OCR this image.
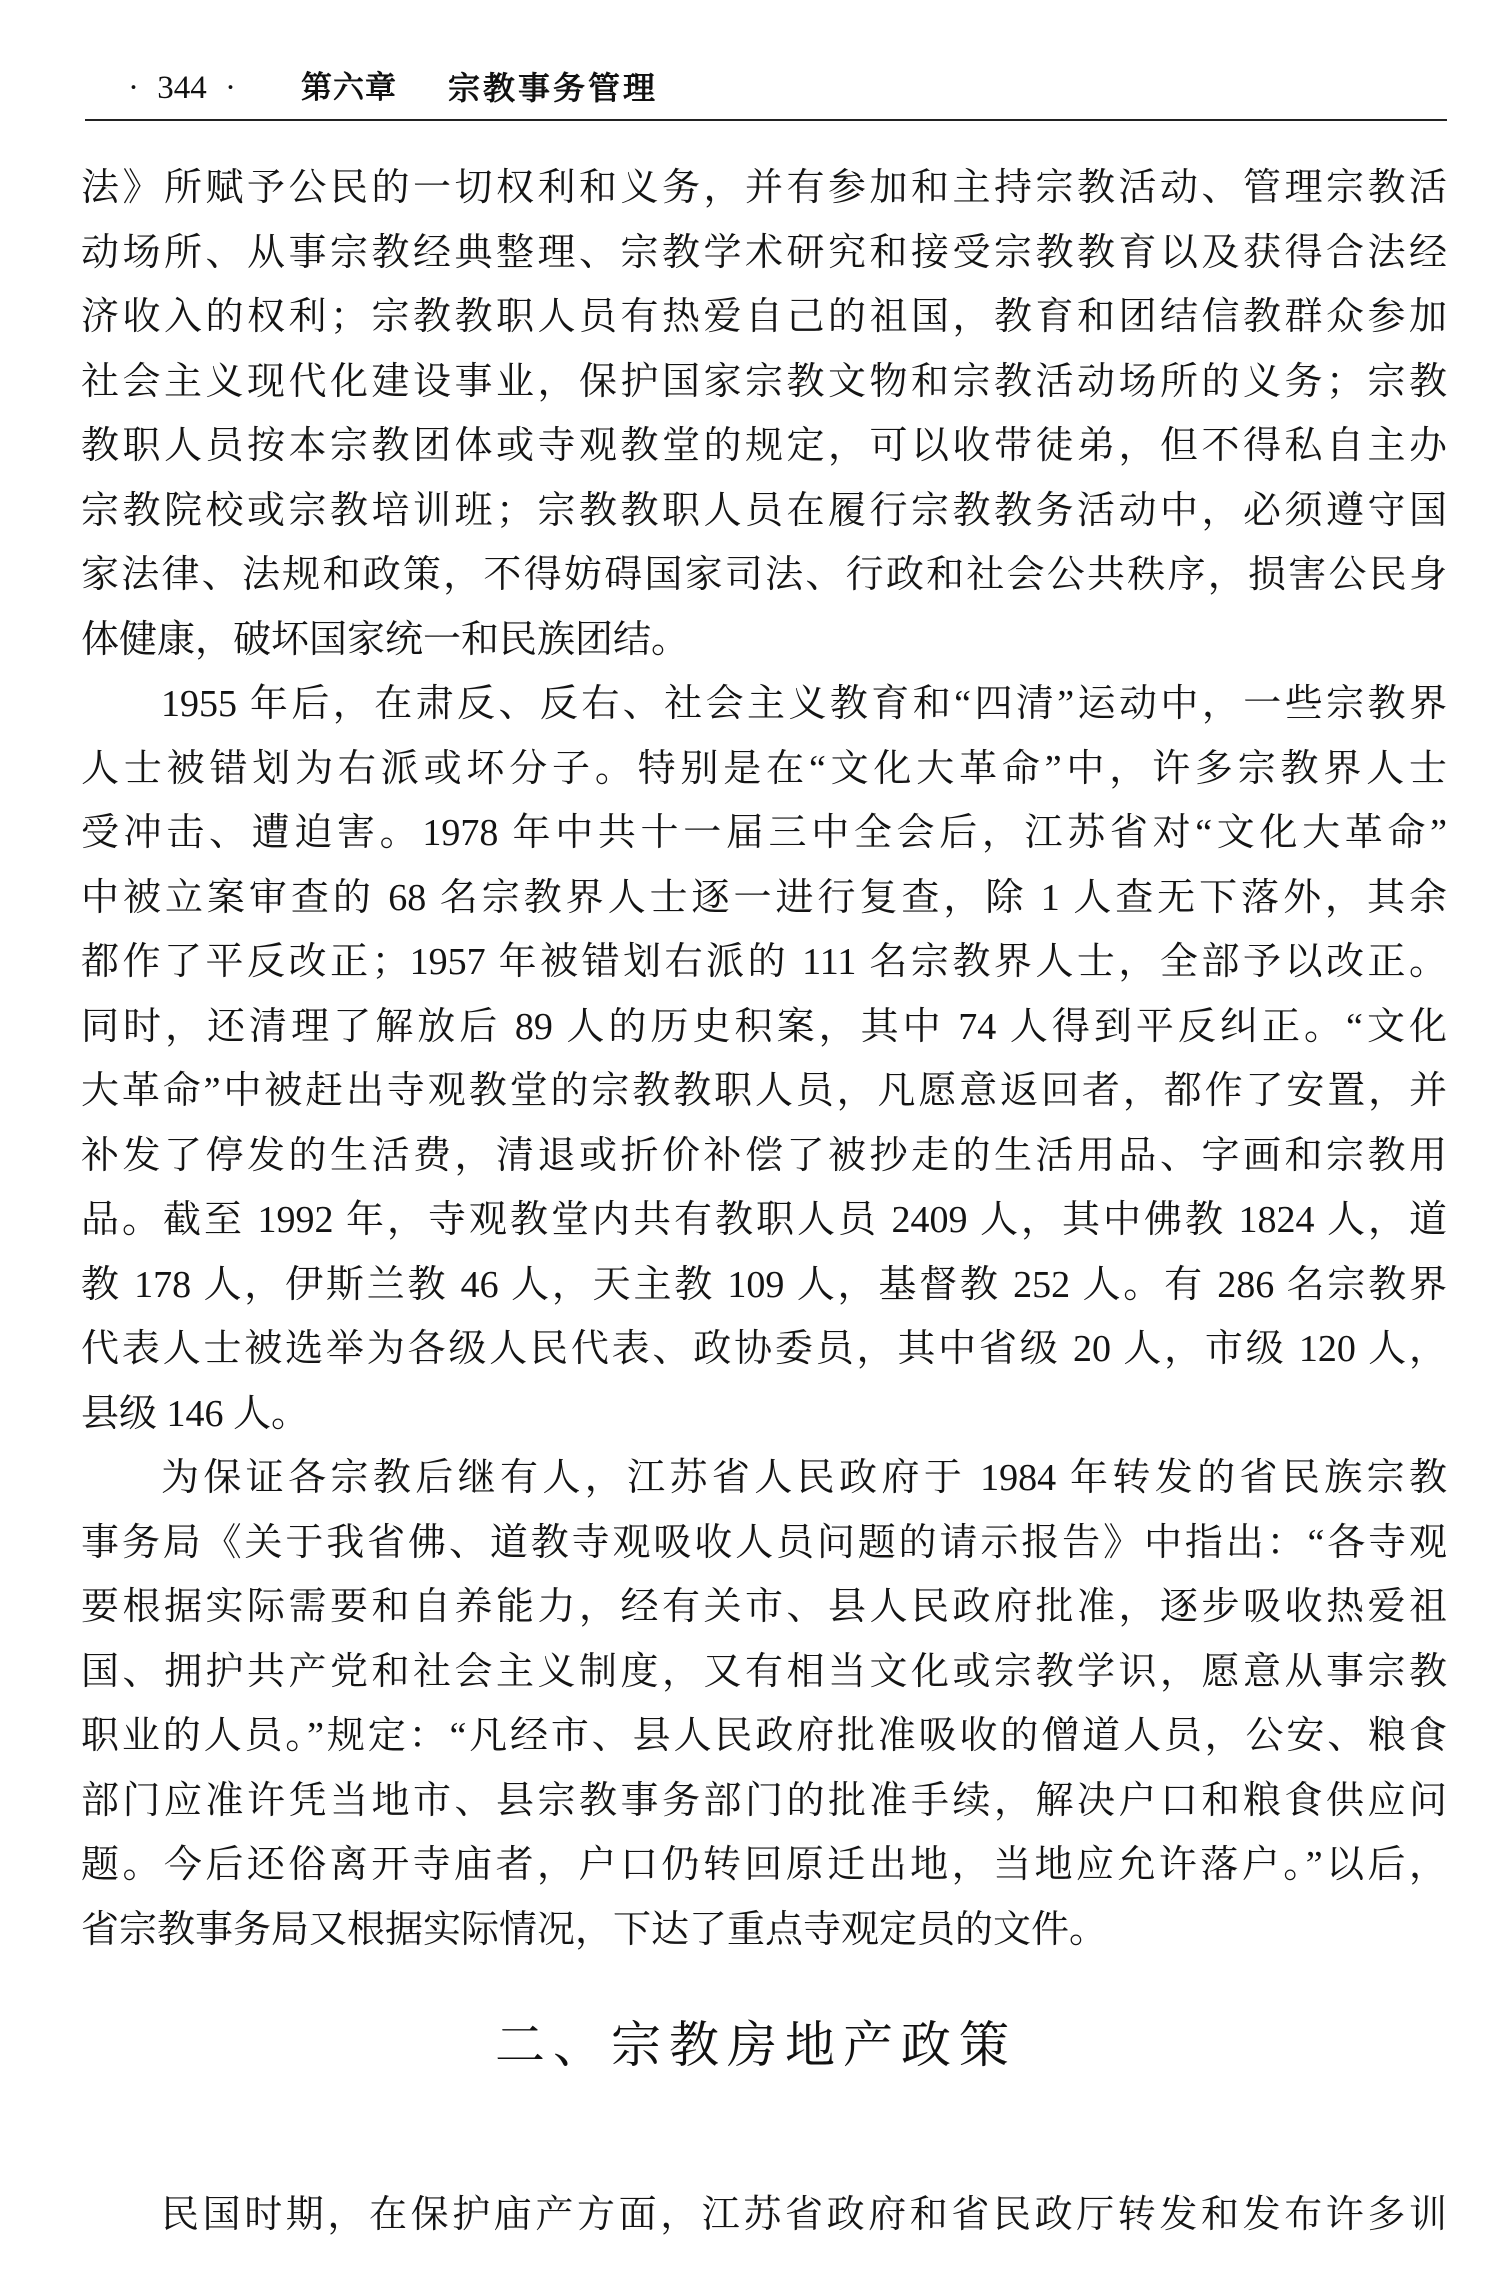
· 344 · 第六章 宗教事务管理
法》所赋予公民的一切权利和义务，并有参加和主持宗教活动、管理宗教活
动场所、从事宗教经典整理、宗教学术研究和接受宗教教育以及获得合法经
济收入的权利；宗教教职人员有热爱自己的祖国，教育和团结信教群众参加
社会主义现代化建设事业，保护国家宗教文物和宗教活动场所的义务；宗教
教职人员按本宗教团体或寺观教堂的规定，可以收带徒弟，但不得私自主办
宗教院校或宗教培训班；宗教教职人员在履行宗教教务活动中，必须遵守国
家法律、法规和政策，不得妨碍国家司法、行政和社会公共秩序，损害公民身
体健康，破坏国家统一和民族团结。
1955 年后，在肃反、反右、社会主义教育和“四清”运动中，一些宗教界
人士被错划为右派或坏分子。特别是在“文化大革命”中，许多宗教界人士
受冲击、遭迫害。1978 年中共十一届三中全会后，江苏省对“文化大革命”
中被立案审查的 68 名宗教界人士逐一进行复查，除 1 人查无下落外，其余
都作了平反改正；1957 年被错划右派的 111 名宗教界人士，全部予以改正。
同时，还清理了解放后 89 人的历史积案，其中 74 人得到平反纠正。“文化
大革命”中被赶出寺观教堂的宗教教职人员，凡愿意返回者，都作了安置，并
补发了停发的生活费，清退或折价补偿了被抄走的生活用品、字画和宗教用
品。截至 1992 年，寺观教堂内共有教职人员 2409 人，其中佛教 1824 人，道
教 178 人，伊斯兰教 46 人，天主教 109 人，基督教 252 人。有 286 名宗教界
代表人士被选举为各级人民代表、政协委员，其中省级 20 人，市级 120 人，
县级 146 人。
为保证各宗教后继有人，江苏省人民政府于 1984 年转发的省民族宗教
事务局《关于我省佛、道教寺观吸收人员问题的请示报告》中指出：“各寺观
要根据实际需要和自养能力，经有关市、县人民政府批准，逐步吸收热爱祖
国、拥护共产党和社会主义制度，又有相当文化或宗教学识，愿意从事宗教
职业的人员。”规定：“凡经市、县人民政府批准吸收的僧道人员，公安、粮食
部门应准许凭当地市、县宗教事务部门的批准手续，解决户口和粮食供应问
题。今后还俗离开寺庙者，户口仍转回原迁出地，当地应允许落户。”以后，
省宗教事务局又根据实际情况，下达了重点寺观定员的文件。
二、宗教房地产政策
民国时期，在保护庙产方面，江苏省政府和省民政厅转发和发布许多训
